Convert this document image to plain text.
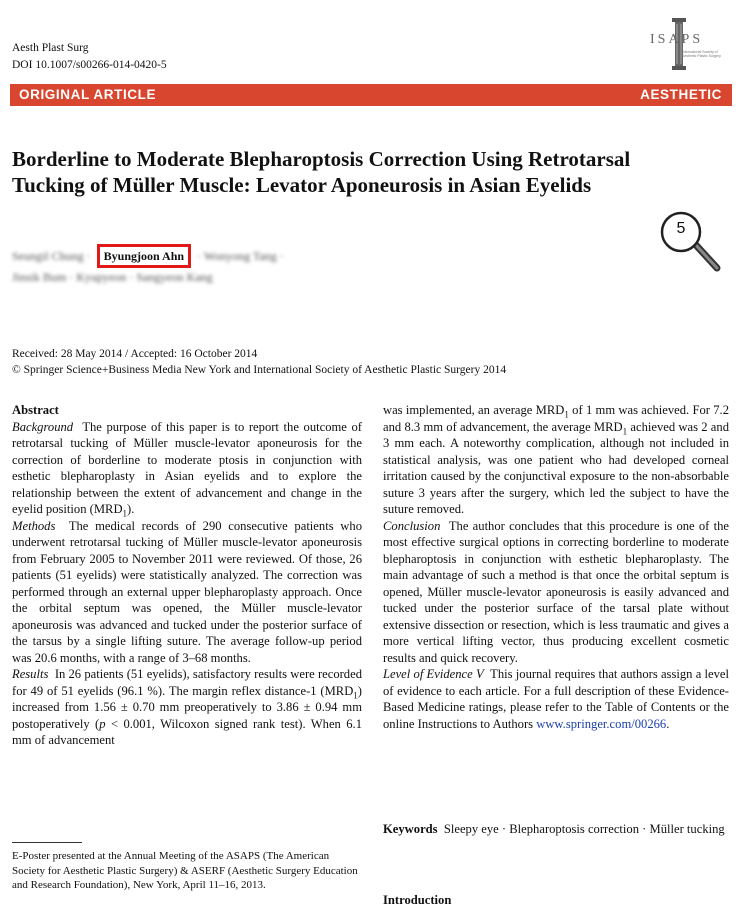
Aesth Plast Surg
DOI 10.1007/s00266-014-0420-5
ISAPS
International Society of Aesthetic Plastic Surgery
ORIGINAL ARTICLE	AESTHETIC
Borderline to Moderate Blepharoptosis Correction Using Retrotarsal Tucking of Müller Muscle: Levator Aponeurosis in Asian Eyelids
Seungil Chung · Byungjoon Ahn · Wonyong Tang ·
Jinsik Bum · Kyupyeon · Sangyeon Kang
5
Received: 28 May 2014 / Accepted: 16 October 2014
© Springer Science+Business Media New York and International Society of Aesthetic Plastic Surgery 2014

Abstract

Background The purpose of this paper is to report the outcome of retrotarsal tucking of Müller muscle-levator aponeurosis for the correction of borderline to moderate ptosis in conjunction with esthetic blepharoplasty in Asian eyelids and to explore the relationship between the extent of advancement and change in the eyelid position $(MRD_1)$.

Methods The medical records of 290 consecutive patients who underwent retrotarsal tucking of Müller muscle-levator aponeurosis from February 2005 to November 2011 were reviewed. Of those, 26 patients (51 eyelids) were statistically analyzed. The correction was performed through an external upper blepharoplasty approach. Once the orbital septum was opened, the Müller muscle-levator aponeurosis was advanced and tucked under the posterior surface of the tarsus by a single lifting suture. The average follow-up period was 20.6 months, with a range of 3–68 months.

Results In 26 patients (51 eyelids), satisfactory results were recorded for 49 of 51 eyelids (96.1 %). The margin reflex distance-1 $(MRD_1)$ increased from 1.56 ± 0.70 mm preoperatively to 3.86 ± 0.94 mm postoperatively (p < 0.001, Wilcoxon signed rank test). When 6.1 mm of advancement

was implemented, an average $MRD_1$ of 1 mm was achieved. For 7.2 and 8.3 mm of advancement, the average $MRD_1$ achieved was 2 and 3 mm each. A noteworthy complication, although not included in statistical analysis, was one patient who had developed corneal irritation caused by the conjunctival exposure to the non-absorbable suture 3 years after the surgery, which led the subject to have the suture removed.

Conclusion The author concludes that this procedure is one of the most effective surgical options in correcting borderline to moderate blepharoptosis in conjunction with esthetic blepharoplasty. The main advantage of such a method is that once the orbital septum is opened, Müller muscle-levator aponeurosis is easily advanced and tucked under the posterior surface of the tarsal plate without extensive dissection or resection, which is less traumatic and gives a more vertical lifting vector, thus producing excellent cosmetic results and quick recovery.

Level of Evidence V This journal requires that authors assign a level of evidence to each article. For a full description of these Evidence-Based Medicine ratings, please refer to the Table of Contents or the online Instructions to Authors www.springer.com/00266.

Keywords Sleepy eye · Blepharoptosis correction · Müller tucking
E-Poster presented at the Annual Meeting of the ASAPS (The American Society for Aesthetic Plastic Surgery) & ASERF (Aesthetic Surgery Education and Research Foundation), New York, April 11–16, 2013.
Introduction
